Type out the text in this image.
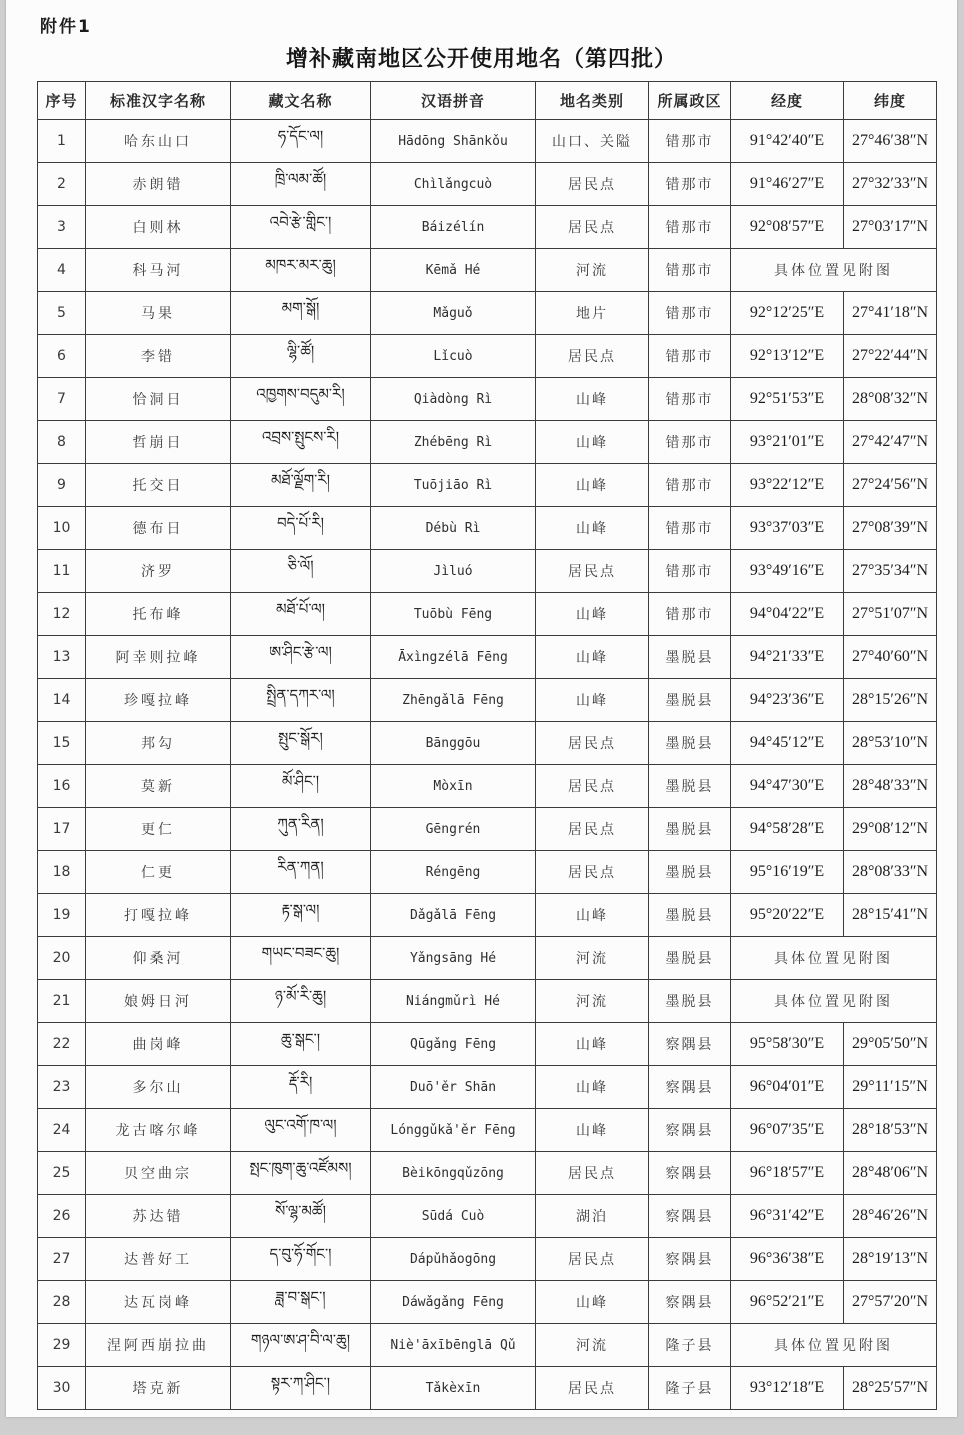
附件1
增补藏南地区公开使用地名（第四批）
序号	标准汉字名称	藏文名称	汉语拼音	地名类别	所属政区	经度	纬度
1	哈东山口	ཧ་དོང་ལ།	Hādōng Shānkǒu	山口、关隘	错那市	91°42′40″E	27°46′38″N
2	赤朗错	ཁྲི་ལམ་ཚོ།	Chìlǎngcuò	居民点	错那市	91°46′27″E	27°32′33″N
3	白则林	འབེ་རྩེ་གླིང་།	Báizélín	居民点	错那市	92°08′57″E	27°03′17″N
4	科马河	མཁར་མར་ཆུ།	Kēmǎ Hé	河流	错那市	具体位置见附图	
5	马果	མག་སྒོ།	Mǎguǒ	地片	错那市	92°12′25″E	27°41′18″N
6	李错	ལྷི་ཚོ།	Lǐcuò	居民点	错那市	92°13′12″E	27°22′44″N
7	恰洞日	འཁྱགས་བདུམ་རི།	Qiàdòng Rì	山峰	错那市	92°51′53″E	28°08′32″N
8	哲崩日	འབྲས་སྤུངས་རི།	Zhébēng Rì	山峰	错那市	93°21′01″E	27°42′47″N
9	托交日	མཐོ་ལྗོག་རི།	Tuōjiāo Rì	山峰	错那市	93°22′12″E	27°24′56″N
10	德布日	བདེ་པོ་རི།	Débù Rì	山峰	错那市	93°37′03″E	27°08′39″N
11	济罗	ཅི་ལོ།	Jìluó	居民点	错那市	93°49′16″E	27°35′34″N
12	托布峰	མཐོ་པོ་ལ།	Tuōbù Fēng	山峰	错那市	94°04′22″E	27°51′07″N
13	阿幸则拉峰	ཨ་ཤིང་རྩེ་ལ།	Āxìngzélā Fēng	山峰	墨脱县	94°21′33″E	27°40′60″N
14	珍嘎拉峰	སྤྲིན་དཀར་ལ།	Zhēngǎlā Fēng	山峰	墨脱县	94°23′36″E	28°15′26″N
15	邦勾	སྤུང་སྒོར།	Bānggōu	居民点	墨脱县	94°45′12″E	28°53′10″N
16	莫新	མོ་ཤིང་།	Mòxīn	居民点	墨脱县	94°47′30″E	28°48′33″N
17	更仁	ཀུན་རིན།	Gēngrén	居民点	墨脱县	94°58′28″E	29°08′12″N
18	仁更	རིན་ཀན།	Réngēng	居民点	墨脱县	95°16′19″E	28°08′33″N
19	打嘎拉峰	རྟ་སྒ་ལ།	Dǎgǎlā Fēng	山峰	墨脱县	95°20′22″E	28°15′41″N
20	仰桑河	གཡང་བཟང་ཆུ།	Yǎngsāng Hé	河流	墨脱县	具体位置见附图	
21	娘姆日河	ཉ་མོ་རི་ཆུ།	Niángmǔrì Hé	河流	墨脱县	具体位置见附图	
22	曲岗峰	ཆུ་སྒང་།	Qūgǎng Fēng	山峰	察隅县	95°58′30″E	29°05′50″N
23	多尔山	རྡོ་རི།	Duō'ěr Shān	山峰	察隅县	96°04′01″E	29°11′15″N
24	龙古喀尔峰	ལུང་འགོ་ཁ་ལ།	Lónggǔkǎ'ěr Fēng	山峰	察隅县	96°07′35″E	28°18′53″N
25	贝空曲宗	སྤང་ཁུག་ཆུ་འཛོམས།	Bèikōngqǔzōng	居民点	察隅县	96°18′57″E	28°48′06″N
26	苏达错	སོ་ལྷ་མཚོ།	Sūdá Cuò	湖泊	察隅县	96°31′42″E	28°46′26″N
27	达普好工	ད་བུ་ཧོ་གོང་།	Dápǔhǎogōng	居民点	察隅县	96°36′38″E	28°19′13″N
28	达瓦岗峰	ཟླ་བ་སྒང་།	Dáwǎgǎng Fēng	山峰	察隅县	96°52′21″E	27°57′20″N
29	涅阿西崩拉曲	གཉལ་ཨ་ཤ་བི་ལ་ཆུ།	Niè'āxībēnglā Qǔ	河流	隆子县	具体位置见附图	
30	塔克新	སྟར་ཀ་ཤིང་།	Tǎkèxīn	居民点	隆子县	93°12′18″E	28°25′57″N
